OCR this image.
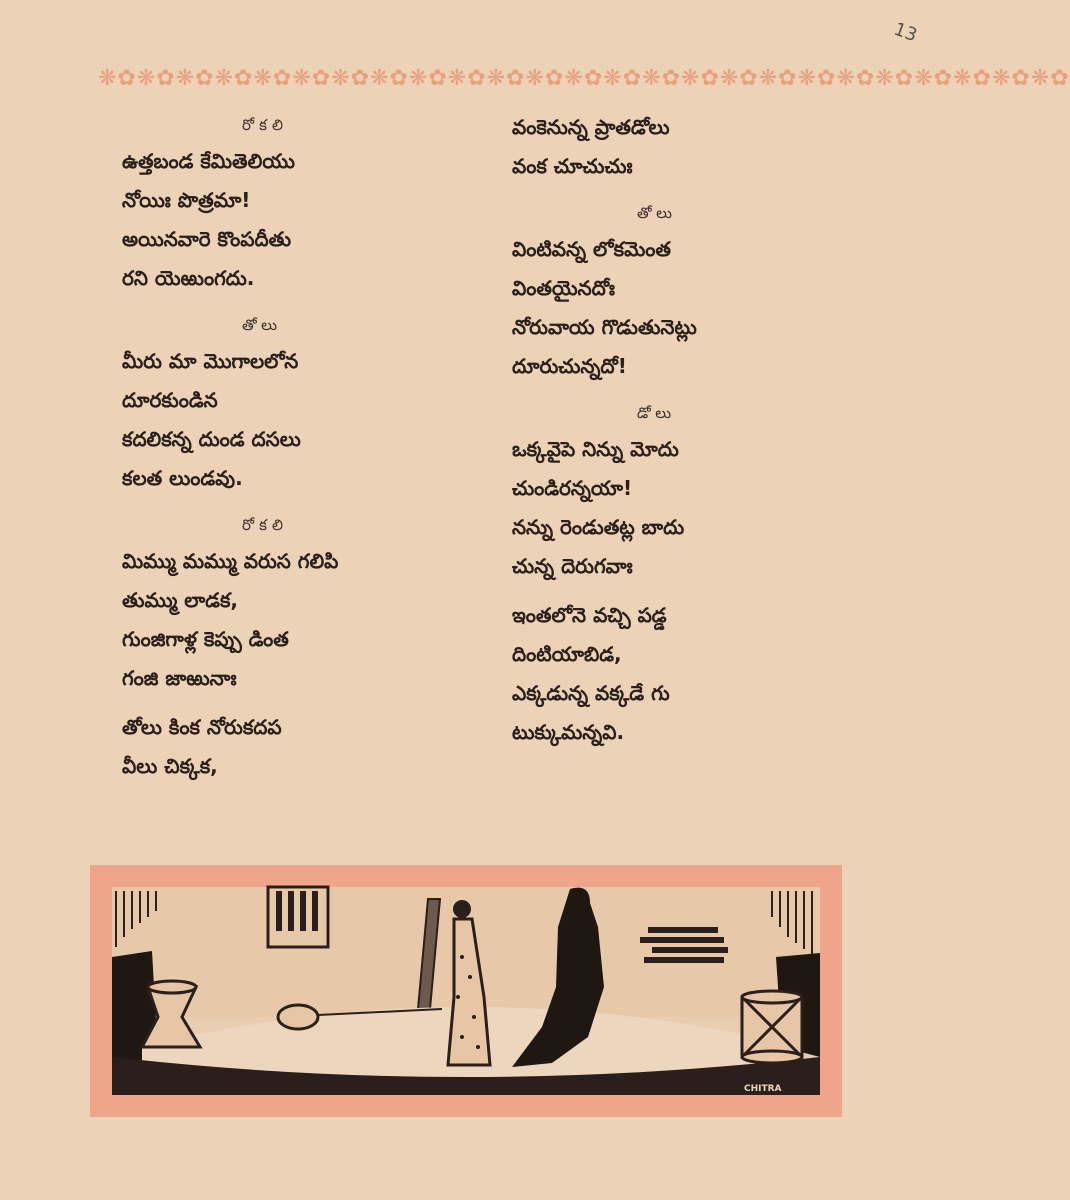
13
❋✿❋✿❋✿❋✿❋✿❋✿❋✿❋✿❋✿❋✿❋✿❋✿❋✿❋✿❋✿❋✿❋✿❋✿❋✿❋✿❋✿❋✿❋✿❋✿❋✿
రోకలి
ఉత్తబండ కేమితెలియు
నోయిః పొత్రమా!
అయినవారె కొంపదీతు
రని యెఱుంగదు.
తోలు
మీరు మా మొగాలలోన
దూరకుండిన
కదలికన్న దుండ దసలు
కలత లుండవు.
రోకలి
మిమ్ము మమ్ము వరుస గలిపి
తుమ్ము లాడక,
గుంజిగాళ్ల కెప్పు డింత
గంజి జాఱునాః
తోలు కింక నోరుకదప
వీలు చిక్కక,
వంకెనున్న ప్రాతడోలు
వంక చూచుచుః
తోలు
వింటివన్న లోకమెంత
వింతయైనదోః
నోరువాయ గొడుతునెట్లు
దూరుచున్నదో!
డోలు
ఒక్కవైపె నిన్ను మోదు
చుండిరన్నయా!
నన్ను రెండుతట్ల బాదు
చున్న దెరుగవాః
ఇంతలోనె వచ్చి పడ్డ
దింటియాబిడ,
ఎక్కడున్న వక్కడే గు
టుక్కుమన్నవి.
CHITRA
